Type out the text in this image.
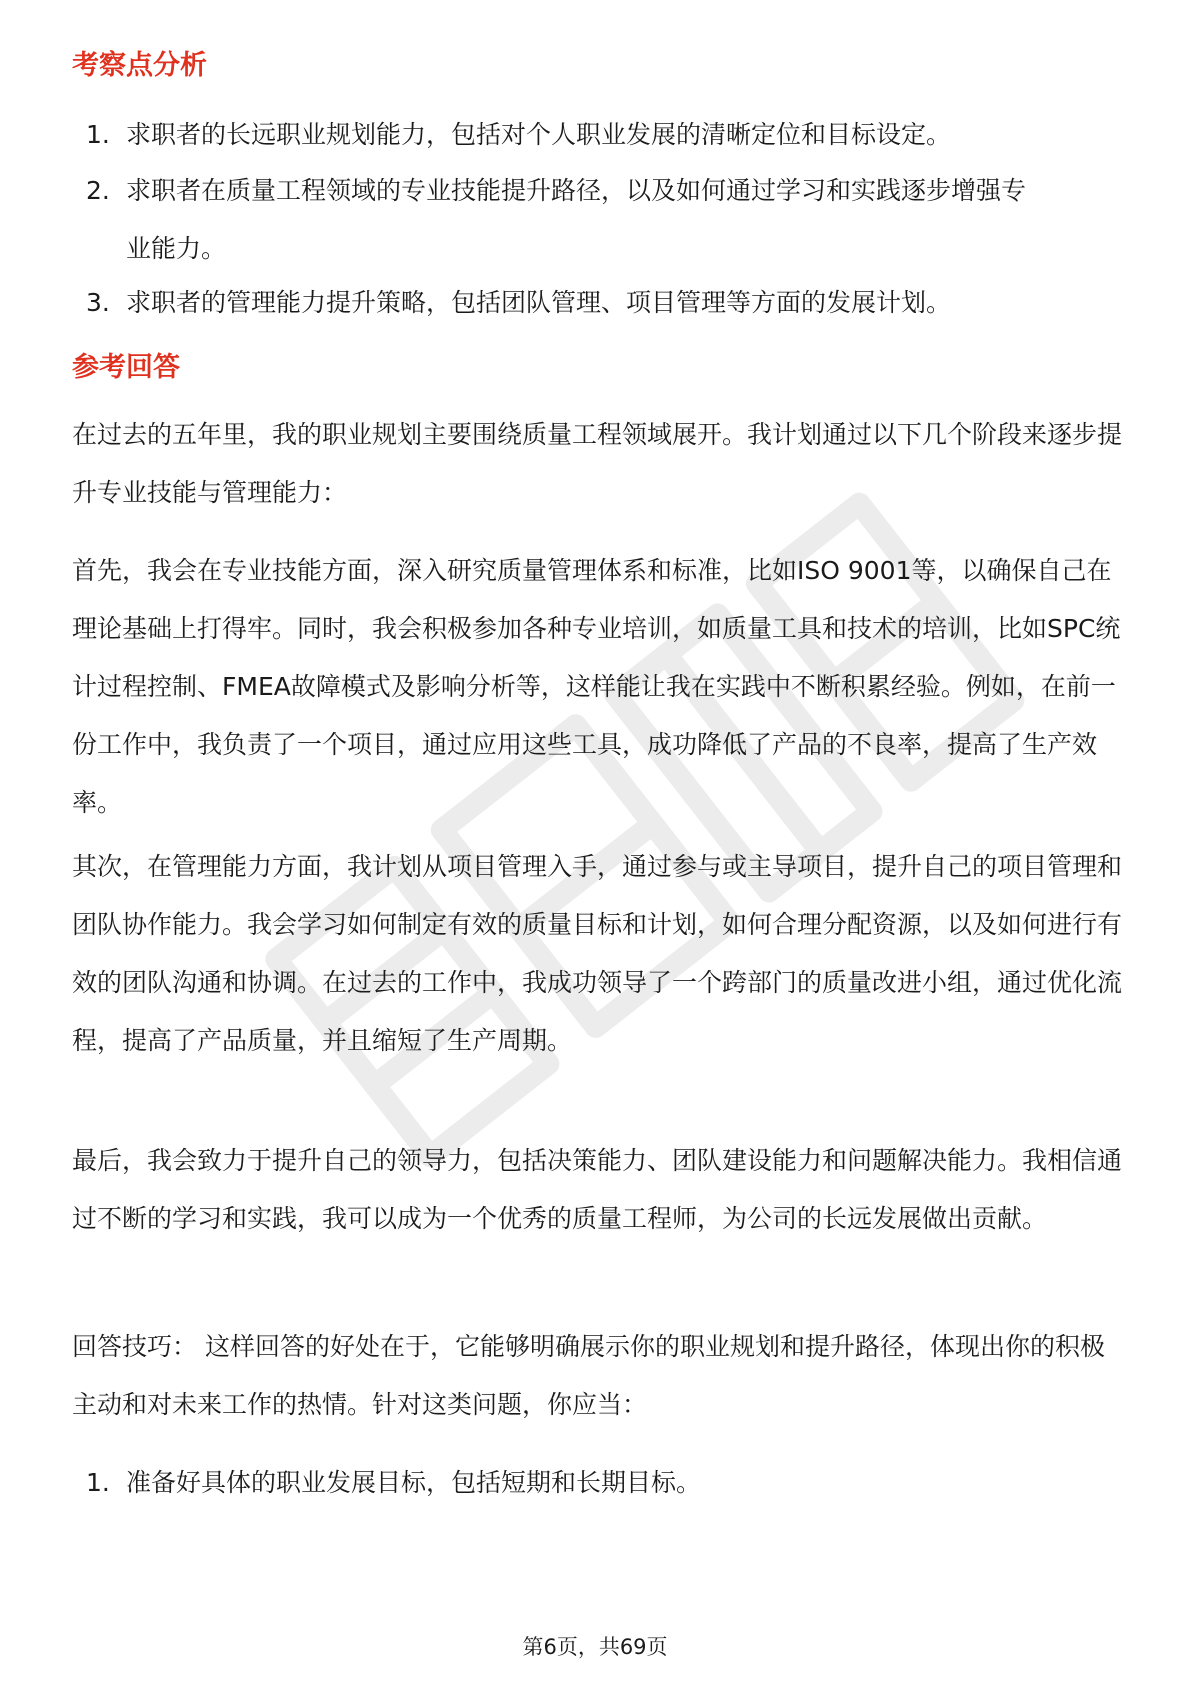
考察点分析
1. 求职者的长远职业规划能力，包括对个人职业发展的清晰定位和目标设定。
2. 求职者在质量工程领域的专业技能提升路径，以及如何通过学习和实践逐步增强专业能力。
3. 求职者的管理能力提升策略，包括团队管理、项目管理等方面的发展计划。
参考回答

在过去的五年里，我的职业规划主要围绕质量工程领域展开。我计划通过以下几个阶段来逐步提升专业技能与管理能力：

首先，我会在专业技能方面，深入研究质量管理体系和标准，比如ISO 9001等，以确保自己在理论基础上打得牢。同时，我会积极参加各种专业培训，如质量工具和技术的培训，比如SPC统计过程控制、FMEA故障模式及影响分析等，这样能让我在实践中不断积累经验。例如，在前一份工作中，我负责了一个项目，通过应用这些工具，成功降低了产品的不良率，提高了生产效率。

其次，在管理能力方面，我计划从项目管理入手，通过参与或主导项目，提升自己的项目管理和团队协作能力。我会学习如何制定有效的质量目标和计划，如何合理分配资源，以及如何进行有效的团队沟通和协调。在过去的工作中，我成功领导了一个跨部门的质量改进小组，通过优化流程，提高了产品质量，并且缩短了生产周期。

最后，我会致力于提升自己的领导力，包括决策能力、团队建设能力和问题解决能力。我相信通过不断的学习和实践，我可以成为一个优秀的质量工程师，为公司的长远发展做出贡献。

回答技巧： 这样回答的好处在于，它能够明确展示你的职业规划和提升路径，体现出你的积极主动和对未来工作的热情。针对这类问题，你应当：

1. 准备好具体的职业发展目标，包括短期和长期目标。
第6页，共69页
